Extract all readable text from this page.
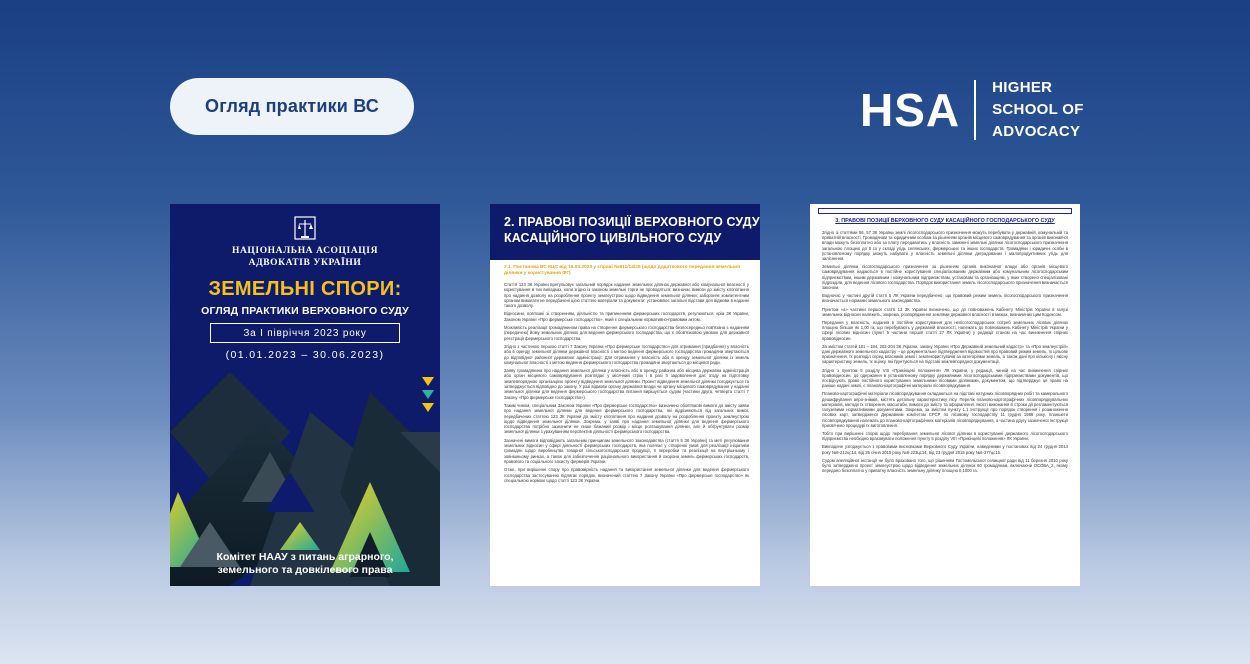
Огляд практики ВС	HSA HIGHER
SCHOOL OF
ADVOCACY
НАЦІОНАЛЬНА АСОЦІАЦІЯ
АДВОКАТІВ УКРАЇНИ
ЗЕМЕЛЬНІ СПОРИ:
ОГЛЯД ПРАКТИКИ ВЕРХОВНОГО СУДУ
За І півріччя 2023 року
(01.01.2023 – 30.06.2023)
Комітет НААУ з питань аграрного,
земельного та довкілевого права
2. ПРАВОВІ ПОЗИЦІЇ ВЕРХОВНОГО СУДУ
КАСАЦІЙНОГО ЦИВІЛЬНОГО СУДУ
2.1. Постанова ВС КЦС від 16.03.2023 у справі №911/14/20 (щодо додаткового передання земельної ділянки у користування ФГ)

Стаття 123 ЗК України врегульовує загальний порядок надання земельних ділянок державної або комунальної власності у користування в тих випадках, коли згідно із законом земельні торги не проводяться; визначає вимоги до змісту клопотання про надання дозволу на розроблення проекту землеустрою щодо відведення земельної ділянки; забороняє компетентним органам вимагати не передбачені цією статтею матеріали та документи; установлює загальні підстави для відмови в наданні такого дозволу.

Відносини, пов'язані зі створенням, діяльністю та припиненням фермерських господарств, регулюються, крім ЗК України, Законом України «Про фермерське господарство», який є спеціальним нормативно-правовим актом.

Можливість реалізації громадянином права на створення фермерського господарства безпосередньо пов'язана з наданням (передачею) йому земельних ділянок для ведення фермерського господарства, що є обов'язковою умовою для державної реєстрації фермерського господарства.

Згідно з частиною першою статті 7 Закону України «Про фермерське господарство» для отримання (придбання) у власність або в оренду земельної ділянки державної власності з метою ведення фермерського господарства громадяни звертаються до відповідної районної державної адміністрації. Для отримання у власність або в оренду земельної ділянки із земель комунальної власності з метою ведення фермерського господарства громадяни звертаються до місцевої ради.

Заяву громадянина про надання земельної ділянки у власність або в оренду районна або місцева державна адміністрація або орган місцевого самоврядування розглядає у місячний строк і в разі її задоволення дає згоду на підготовку землевпорядною організацією проекту відведення земельної ділянки. Проект відведення земельної ділянки погоджується та затверджується відповідно до закону. У разі відмови органу державної влади чи органу місцевого самоврядування у наданні земельної ділянки для ведення фермерського господарства питання вирішується судом (частини друга, четверта статті 7 Закону «Про фермерське господарство»).

Таким чином, спеціальним Законом України «Про фермерське господарство» визначено обов'язкові вимоги до змісту заяви про надання земельної ділянки для ведення фермерського господарства, які відрізняються від загальних вимог, передбачених статтею 123 ЗК України до змісту клопотання про надання дозволу на розроблення проекту землеустрою щодо відведення земельної ділянки. Зокрема, у заяві про надання земельної ділянки для ведення фермерського господарства потрібно зазначити не лише бажаний розмір і місце розташування ділянки, але й обґрунтувати розмір земельної ділянки з урахуванням перспектив діяльності фермерського господарства.

Зазначені вимоги відповідають загальним принципам земельного законодавства (стаття 5 ЗК України) та меті регулювання земельних відносин у сфері діяльності фермерських господарств, яка полягає у створенні умов для реалізації ініціативи громадян щодо виробництва товарної сільськогосподарської продукції, її переробки та реалізації на внутрішньому і зовнішньому ринках, а також для забезпечення раціонального використання й охорони земель фермерських господарств, правового та соціального захисту фермерів України.

Отже, при вирішенні спору про правомірність надання та використання земельної ділянки для ведення фермерського господарства застосуванню підлягає порядок, визначений статтею 7 Закону України «Про фермерське господарство» як спеціальною нормою щодо статті 123 ЗК України.

3. ПРАВОВІ ПОЗИЦІЇ ВЕРХОВНОГО СУДУ КАСАЦІЙНОГО ГОСПОДАРСЬКОГО СУДУ

Згідно зі статтями 56, 57 ЗК України землі лісогосподарського призначення можуть перебувати у державній, комунальній та приватній власності. Громадянам та юридичним особам за рішенням органів місцевого самоврядування та органів виконавчої влади можуть безоплатно або за плату передаватись у власність замкнені земельні ділянки лісогосподарського призначення загальною площею до 5 га у складі угідь селянських, фермерських та інших господарств. Громадяни і юридичні особи в установленому порядку можуть набувати у власність земельні ділянки деградованих і малопродуктивних угідь для заліснення.

Земельні ділянки лісогосподарського призначення за рішенням органів виконавчої влади або органів місцевого самоврядування надаються в постійне користування спеціалізованим державним або комунальним лісогосподарським підприємствам, іншим державним і комунальним підприємствам, установам та організаціям, у яких створено спеціалізовані підрозділи, для ведення лісового господарства. Порядок використання земель лісогосподарського призначення визначається законом.

Водночас у частині другій статті 5 ЛК України передбачено, що правовий режим земель лісогосподарського призначення визначається нормами земельного законодавства.

Пунктом «а» частини першої статті 13 ЗК України визначено, що до повноважень Кабінету Міністрів України в галузі земельних відносин належить, зокрема, розпорядження землями державної власності в межах, визначених цим Кодексом.

Передання у власність, надання в постійне користування для непісогосподарських потреб земельних лісових ділянок площею більше як 1,00 га, що перебувають у державній власності, належать до повноважень Кабінету Міністрів України у сфері лісових відносин (пункт 5 частини першої статті 27 ЛК України) у редакції станом на час виникнення спірних правовідносин.

За змістом статей 181 – 184, 202-204 ЗК України, закону України «Про Державний земельний кадастр» та «Про землеустрій» дані державного земельного кадастру – це документальне підтвердження відомостей про правовий режим земель, їх цільове призначення, їх розподіл серед власників землі і землекористувачів за категоріями земель, а також дані про кількісну і якісну характеристику земель, їх оцінку, які ґрунтуються на підставі землевпорядної документації.

Згідно з пунктом 5 розділу VIII «Прикінцеві положення» ЛК України, у редакції, чинній на час виникнення спірних правовідносин, до одержання в установленому порядку державними лісогосподарськими підприємствами документів, що посвідчують право постійного користування земельними лісовими ділянками, документом, що підтверджує це право на раніше надані землі, є планово-картографічні матеріали лісовпорядкування.

Планово-картографічні матеріали лісовпорядкування складаються на підставі натурних лісовпорядних робіт та камерального дешифрування аеро-знімків, містять детальну характеристику лісу. Перелік планово-картографічних лісовпорядкувальних матеріалів, методи їх створення, масштаби, вимоги до змісту та оформлення, якості виконання й строки дії регламентуються галузевими нормативними документами. Зокрема, за змістом пункту 1.1 Інструкції про порядок створення і розмноження лісових карт, затвердженої Державним комітетом СРСР по лісовому господарству 11 грудня 1986 року, планшети лісовпорядкування належать до планово-картографічних матеріалів лісовпорядкування, а частина другу зазначеної Інструкції присвячено процедурі їх виготовлення.

Тобто при вирішенні спорів щодо перебування земельної лісової ділянки в користуванні державного лісогосподарського підприємства необхідно враховувати положення пункту 5 розділу VIII «Прикінцеві положення» ЛК України.

Викладене узгоджується з правовими висновками Верховного Суду України, наведеними у постановах від 24 грудня 2014 року №6-212цс14, від 25 січня 2015 року №6-223цс14, від 23 грудня 2015 року №6-377цс15.

Судом апеляційної інстанції не було враховано того, що рішенням Гостомельської селищної ради від 11 березня 2010 року було затверджено проект землеустрою щодо відведення земельних ділянок 60 громадянам, включаючи ОСОБА_2, якому передано безоплатно у приватну власність земельну ділянку площею 0,1000 га.
